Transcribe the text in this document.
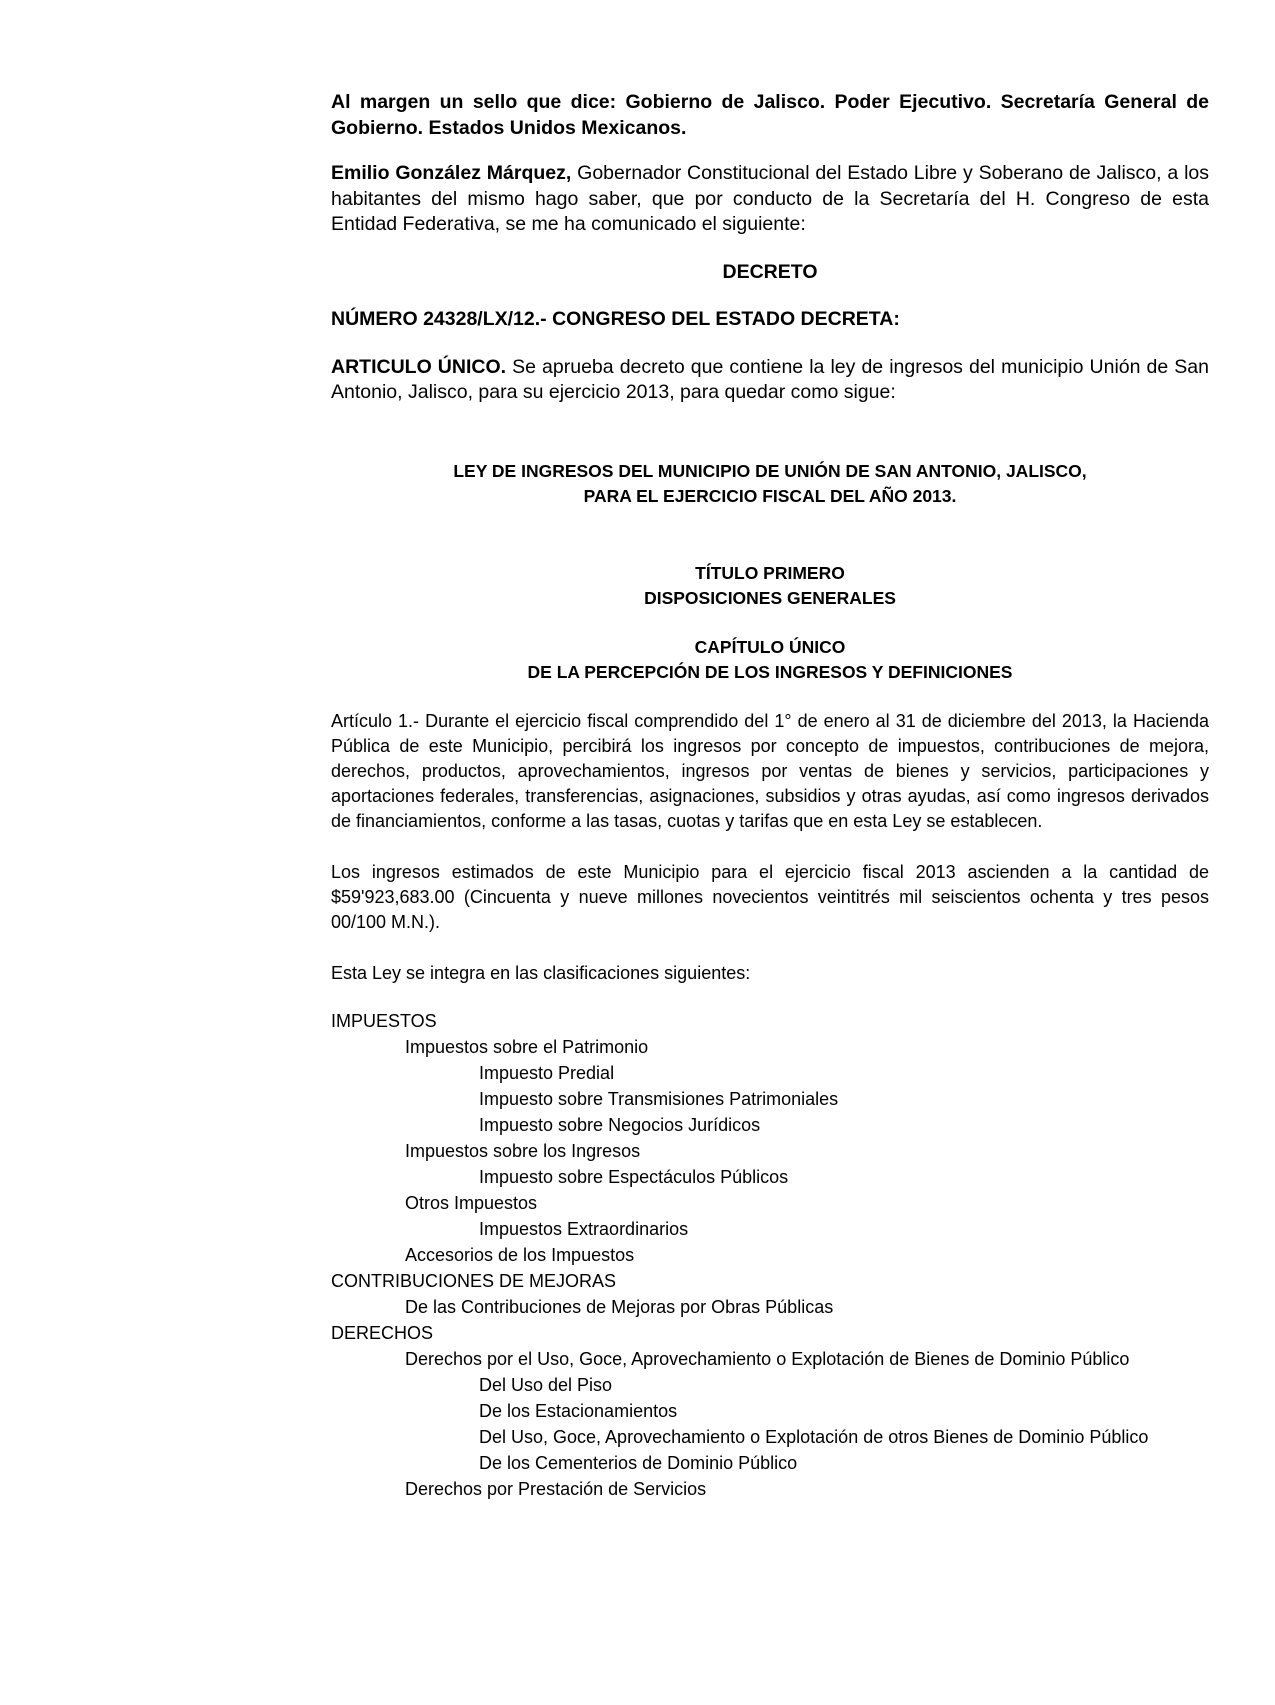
Al margen un sello que dice: Gobierno de Jalisco. Poder Ejecutivo. Secretaría General de Gobierno. Estados Unidos Mexicanos.

Emilio González Márquez, Gobernador Constitucional del Estado Libre y Soberano de Jalisco, a los habitantes del mismo hago saber, que por conducto de la Secretaría del H. Congreso de esta Entidad Federativa, se me ha comunicado el siguiente:

DECRETO

NÚMERO 24328/LX/12.- CONGRESO DEL ESTADO DECRETA:

ARTICULO ÚNICO. Se aprueba decreto que contiene la ley de ingresos del municipio Unión de San Antonio, Jalisco, para su ejercicio 2013, para quedar como sigue:

LEY DE INGRESOS DEL MUNICIPIO DE UNIÓN DE SAN ANTONIO, JALISCO,
PARA EL EJERCICIO FISCAL DEL AÑO 2013.
TÍTULO PRIMERO
DISPOSICIONES GENERALES
CAPÍTULO ÚNICO
DE LA PERCEPCIÓN DE LOS INGRESOS Y DEFINICIONES

Artículo 1.- Durante el ejercicio fiscal comprendido del 1° de enero al 31 de diciembre del 2013, la Hacienda Pública de este Municipio, percibirá los ingresos por concepto de impuestos, contribuciones de mejora, derechos, productos, aprovechamientos, ingresos por ventas de bienes y servicios, participaciones y aportaciones federales, transferencias, asignaciones, subsidios y otras ayudas, así como ingresos derivados de financiamientos, conforme a las tasas, cuotas y tarifas que en esta Ley se establecen.

Los ingresos estimados de este Municipio para el ejercicio fiscal 2013 ascienden a la cantidad de $59'923,683.00 (Cincuenta y nueve millones novecientos veintitrés mil seiscientos ochenta y tres pesos 00/100 M.N.).

Esta Ley se integra en las clasificaciones siguientes:

IMPUESTOS
Impuestos sobre el Patrimonio
Impuesto Predial
Impuesto sobre Transmisiones Patrimoniales
Impuesto sobre Negocios Jurídicos
Impuestos sobre los Ingresos
Impuesto sobre Espectáculos Públicos
Otros Impuestos
Impuestos Extraordinarios
Accesorios de los Impuestos
CONTRIBUCIONES DE MEJORAS
De las Contribuciones de Mejoras por Obras Públicas
DERECHOS
Derechos por el Uso, Goce, Aprovechamiento o Explotación de Bienes de Dominio Público
Del Uso del Piso
De los Estacionamientos
Del Uso, Goce, Aprovechamiento o Explotación de otros Bienes de Dominio Público
De los Cementerios de Dominio Público
Derechos por Prestación de Servicios
